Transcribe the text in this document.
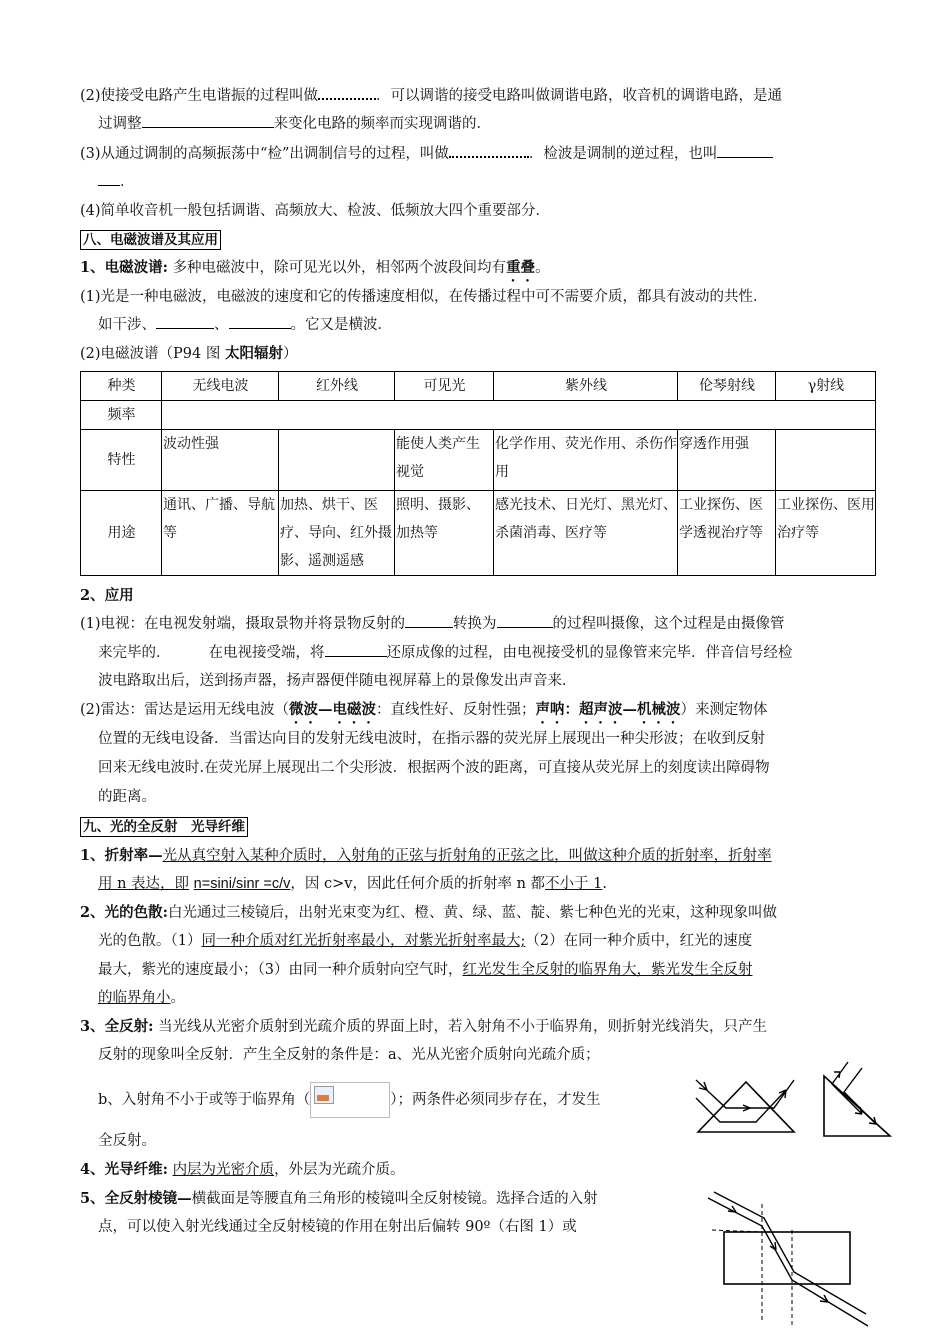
(2)使接受电路产生电谐振的过程叫做	．可以调谐的接受电路叫做调谐电路，收音机的调谐电路，是通
过调整	来变化电路的频率而实现调谐的．
(3)从通过调制的高频振荡中“检”出调制信号的过程，叫做	．检波是调制的逆过程，也叫
．
(4)简单收音机一般包括调谐、高频放大、检波、低频放大四个重要部分．
八、电磁波谱及其应用
1、电磁波谱: 多种电磁波中，除可见光以外，相邻两个波段间均有重叠。
(1)光是一种电磁波，电磁波的速度和它的传播速度相似，在传播过程中可不需要介质，都具有波动的共性．
如干涉、	、	。它又是横波．
(2)电磁波谱（P94 图 太阳辐射）
种类	无线电波	红外线	可见光	紫外线	伦琴射线	γ射线
频率						
特性	波动性强		能使人类产生视觉	化学作用、荧光作用、杀伤作用	穿透作用强	
用途	通讯、广播、导航等	加热、烘干、医疗、导向、红外摄影、遥测遥感	照明、摄影、加热等	感光技术、日光灯、黑光灯、杀菌消毒、医疗等	工业探伤、医学透视治疗等	工业探伤、医用治疗等
2、应用
(1)电视：在电视发射端，摄取景物并将景物反射的	转换为	的过程叫摄像，这个过程是由摄像管
来完毕的．	在电视接受端，将	还原成像的过程，由电视接受机的显像管来完毕．伴音信号经检
波电路取出后，送到扬声器，扬声器便伴随电视屏幕上的景像发出声音来．
(2)雷达：雷达是运用无线电波（微波—电磁波：直线性好、反射性强；声呐：超声波—机械波）来测定物体
位置的无线电设备．当雷达向目的发射无线电波时，在指示器的荧光屏上展现出一种尖形波；在收到反射
回来无线电波时.在荧光屏上展现出二个尖形波．根据两个波的距离，可直接从荧光屏上的刻度读出障碍物
的距离。
九、光的全反射　光导纤维
1、折射率—光从真空射入某种介质时，入射角的正弦与折射角的正弦之比，叫做这种介质的折射率，折射率
用 n 表达，即 n=sini/sinr =c/v，因 c>v，因此任何介质的折射率 n 都不小于 1.
2、光的色散:白光通过三棱镜后，出射光束变为红、橙、黄、绿、蓝、靛、紫七种色光的光束，这种现象叫做
光的色散。（1）同一种介质对红光折射率最小，对紫光折射率最大;（2）在同一种介质中，红光的速度
最大，紫光的速度最小；（3）由同一种介质射向空气时，红光发生全反射的临界角大，紫光发生全反射
的临界角小。
3、全反射: 当光线从光密介质射到光疏介质的界面上时，若入射角不小于临界角，则折射光线消失，只产生
反射的现象叫全反射．产生全反射的条件是：a、光从光密介质射向光疏介质；
b、入射角不小于或等于临界角（	）；两条件必须同步存在，才发生
全反射。
4、光导纤维: 内层为光密介质，外层为光疏介质。
5、全反射棱镜—横截面是等腰直角三角形的棱镜叫全反射棱镜。选择合适的入射
点，可以使入射光线通过全反射棱镜的作用在射出后偏转 90º（右图 1）或
